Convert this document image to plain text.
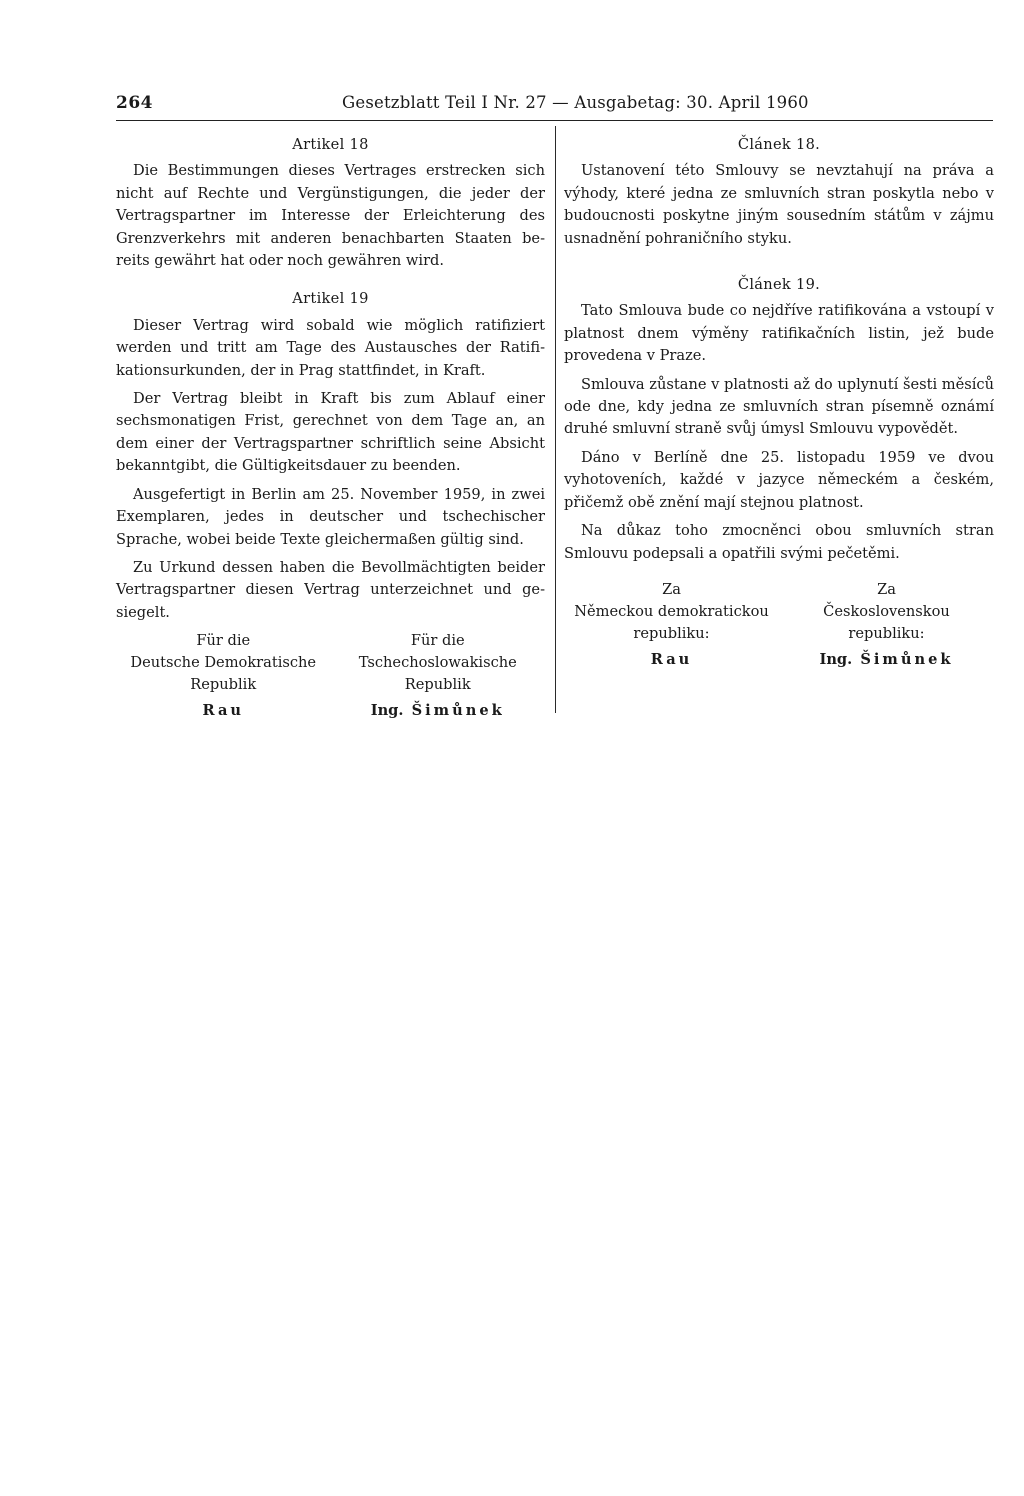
264	Gesetzblatt Teil I Nr. 27 — Ausgabetag: 30. April 1960
Artikel 18

Die Bestimmungen dieses Vertrages erstrecken sich nicht auf Rechte und Vergünstigungen, die jeder der Vertragspartner im Interesse der Erleichterung des Grenzverkehrs mit anderen benachbarten Staaten bereits gewährt hat oder noch gewähren wird.

Artikel 19

Dieser Vertrag wird sobald wie möglich ratifiziert werden und tritt am Tage des Austausches der Ratifikationsurkunden, der in Prag stattfindet, in Kraft.

Der Vertrag bleibt in Kraft bis zum Ablauf einer sechsmonatigen Frist, gerechnet von dem Tage an, an dem einer der Vertragspartner schriftlich seine Absicht bekanntgibt, die Gültigkeitsdauer zu beenden.

Ausgefertigt in Berlin am 25. November 1959, in zwei Exemplaren, jedes in deutscher und tschechischer Sprache, wobei beide Texte gleichermaßen gültig sind.

Zu Urkund dessen haben die Bevollmächtigten beider Vertragspartner diesen Vertrag unterzeichnet und gesiegelt.

Für die
Deutsche Demokratische
Republik
Rau
Für die
Tschechoslowakische
Republik
Ing. Šimůnek
Článek 18.

Ustanovení této Smlouvy se nevztahují na práva a výhody, které jedna ze smluvních stran poskytla nebo v budoucnosti poskytne jiným sousedním státům v zájmu usnadnění pohraničního styku.

Článek 19.

Tato Smlouva bude co nejdříve ratifikována a vstoupí v platnost dnem výměny ratifikačních listin, jež bude provedena v Praze.

Smlouva zůstane v platnosti až do uplynutí šesti měsíců ode dne, kdy jedna ze smluvních stran písemně oznámí druhé smluvní straně svůj úmysl Smlouvu vypovědět.

Dáno v Berlíně dne 25. listopadu 1959 ve dvou vyhotoveních, každé v jazyce německém a českém, přičemž obě znění mají stejnou platnost.

Na důkaz toho zmocněnci obou smluvních stran Smlouvu podepsali a opatřili svými pečetěmi.

Za
Německou demokratickou
republiku:
Rau
Za
Československou
republiku:
Ing. Šimůnek
